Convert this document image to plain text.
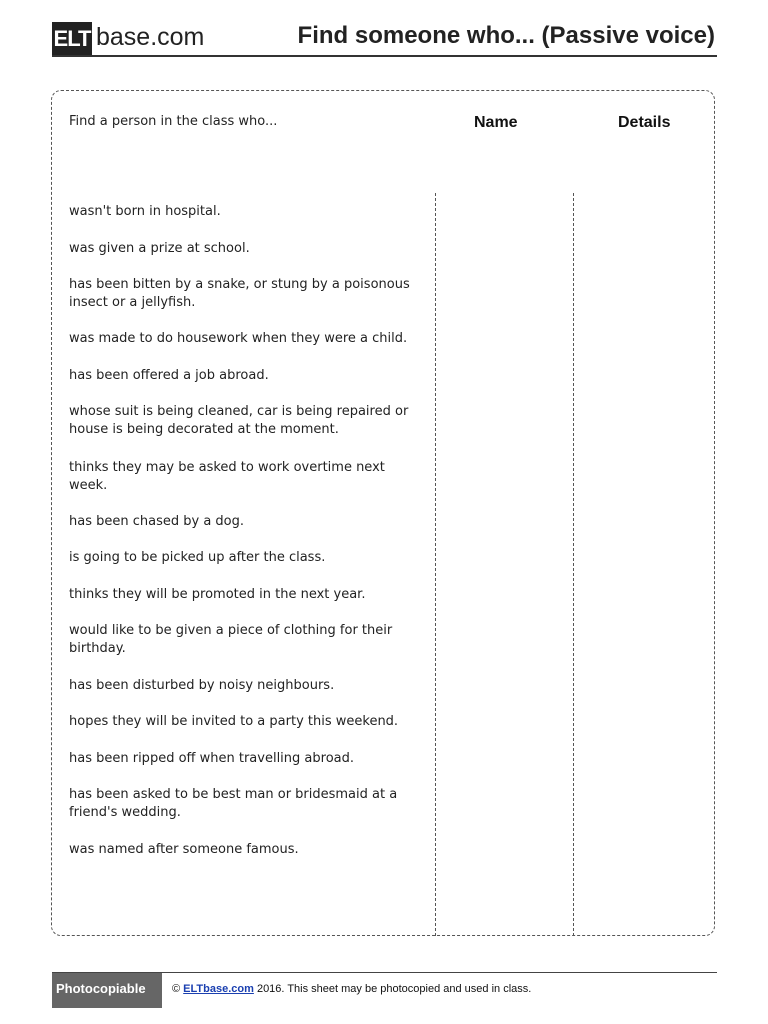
ELT base.com	Find someone who... (Passive voice)
Find a person in the class who...	Name	Details
wasn't born in hospital.
was given a prize at school.
has been bitten by a snake, or stung by a poisonous insect or a jellyfish.
was made to do housework when they were a child.
has been offered a job abroad.
whose suit is being cleaned, car is being repaired or house is being decorated at the moment.
thinks they may be asked to work overtime next week.
has been chased by a dog.
is going to be picked up after the class.
thinks they will be promoted in the next year.
would like to be given a piece of clothing for their birthday.
has been disturbed by noisy neighbours.
hopes they will be invited to a party this weekend.
has been ripped off when travelling abroad.
has been asked to be best man or bridesmaid at a friend's wedding.
was named after someone famous.
Photocopiable	© ELTbase.com 2016. This sheet may be photocopied and used in class.
